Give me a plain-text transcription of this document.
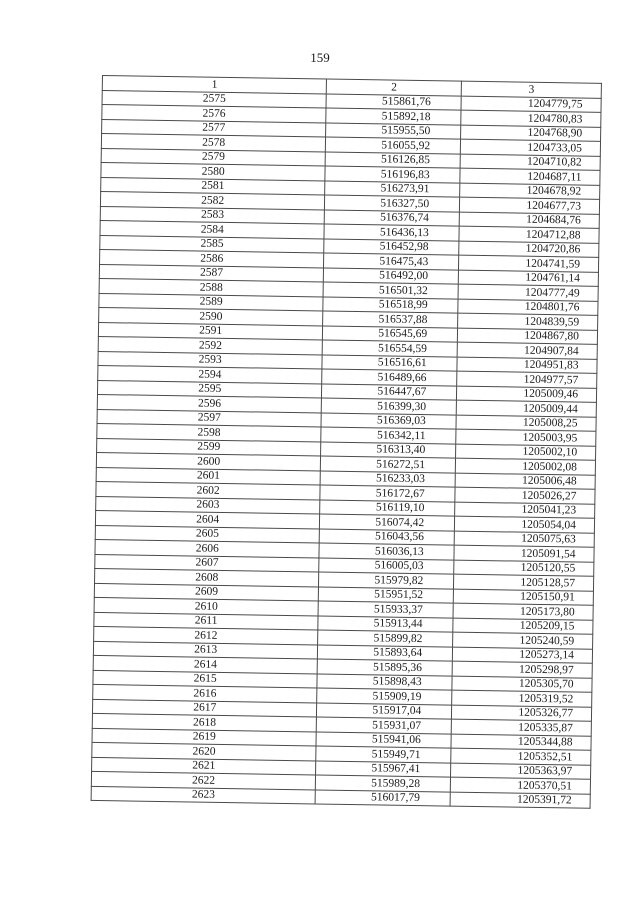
159
1	2	3
2575	515861,76	1204779,75
2576	515892,18	1204780,83
2577	515955,50	1204768,90
2578	516055,92	1204733,05
2579	516126,85	1204710,82
2580	516196,83	1204687,11
2581	516273,91	1204678,92
2582	516327,50	1204677,73
2583	516376,74	1204684,76
2584	516436,13	1204712,88
2585	516452,98	1204720,86
2586	516475,43	1204741,59
2587	516492,00	1204761,14
2588	516501,32	1204777,49
2589	516518,99	1204801,76
2590	516537,88	1204839,59
2591	516545,69	1204867,80
2592	516554,59	1204907,84
2593	516516,61	1204951,83
2594	516489,66	1204977,57
2595	516447,67	1205009,46
2596	516399,30	1205009,44
2597	516369,03	1205008,25
2598	516342,11	1205003,95
2599	516313,40	1205002,10
2600	516272,51	1205002,08
2601	516233,03	1205006,48
2602	516172,67	1205026,27
2603	516119,10	1205041,23
2604	516074,42	1205054,04
2605	516043,56	1205075,63
2606	516036,13	1205091,54
2607	516005,03	1205120,55
2608	515979,82	1205128,57
2609	515951,52	1205150,91
2610	515933,37	1205173,80
2611	515913,44	1205209,15
2612	515899,82	1205240,59
2613	515893,64	1205273,14
2614	515895,36	1205298,97
2615	515898,43	1205305,70
2616	515909,19	1205319,52
2617	515917,04	1205326,77
2618	515931,07	1205335,87
2619	515941,06	1205344,88
2620	515949,71	1205352,51
2621	515967,41	1205363,97
2622	515989,28	1205370,51
2623	516017,79	1205391,72
